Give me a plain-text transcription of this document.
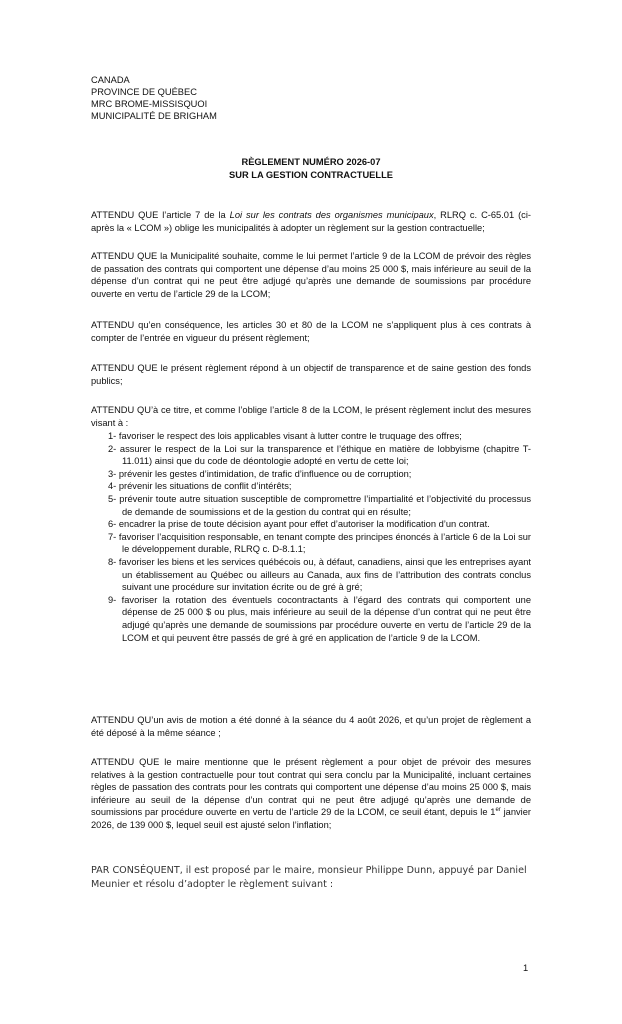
CANADA

PROVINCE DE QUÉBEC

MRC BROME-MISSISQUOI

MUNICIPALITÉ DE BRIGHAM

RÈGLEMENT NUMÉRO 2026-07

SUR LA GESTION CONTRACTUELLE

ATTENDU QUE l’article 7 de la Loi sur les contrats des organismes municipaux, RLRQ c. C-65.01 (ci-après la « LCOM ») oblige les municipalités à adopter un règlement sur la gestion contractuelle;

ATTENDU QUE la Municipalité souhaite, comme le lui permet l’article 9 de la LCOM de prévoir des règles de passation des contrats qui comportent une dépense d’au moins 25 000 $, mais inférieure au seuil de la dépense d’un contrat qui ne peut être adjugé qu’après une demande de soumissions par procédure ouverte en vertu de l’article 29 de la LCOM;

ATTENDU qu’en conséquence, les articles 30 et 80 de la LCOM ne s’appliquent plus à ces contrats à compter de l’entrée en vigueur du présent règlement;

ATTENDU QUE le présent règlement répond à un objectif de transparence et de saine gestion des fonds publics;

ATTENDU QU’à ce titre, et comme l’oblige l’article 8 de la LCOM, le présent règlement inclut des mesures visant à :

1- favoriser le respect des lois applicables visant à lutter contre le truquage des offres;
2- assurer le respect de la Loi sur la transparence et l’éthique en matière de lobbyisme (chapitre T-11.011) ainsi que du code de déontologie adopté en vertu de cette loi;
3- prévenir les gestes d’intimidation, de trafic d’influence ou de corruption;
4- prévenir les situations de conflit d’intérêts;
5- prévenir toute autre situation susceptible de compromettre l’impartialité et l’objectivité du processus de demande de soumissions et de la gestion du contrat qui en résulte;
6- encadrer la prise de toute décision ayant pour effet d’autoriser la modification d’un contrat.
7- favoriser l’acquisition responsable, en tenant compte des principes énoncés à l’article 6 de la Loi sur le développement durable, RLRQ c. D-8.1.1;
8- favoriser les biens et les services québécois ou, à défaut, canadiens, ainsi que les entreprises ayant un établissement au Québec ou ailleurs au Canada, aux fins de l’attribution des contrats conclus suivant une procédure sur invitation écrite ou de gré à gré;
9- favoriser la rotation des éventuels cocontractants à l’égard des contrats qui comportent une dépense de 25 000 $ ou plus, mais inférieure au seuil de la dépense d’un contrat qui ne peut être adjugé qu’après une demande de soumissions par procédure ouverte en vertu de l’article 29 de la LCOM et qui peuvent être passés de gré à gré en application de l’article 9 de la LCOM.

ATTENDU QU’un avis de motion a été donné à la séance du 4 août 2026, et qu’un projet de règlement a été déposé à la même séance ;

ATTENDU QUE le maire mentionne que le présent règlement a pour objet de prévoir des mesures relatives à la gestion contractuelle pour tout contrat qui sera conclu par la Municipalité, incluant certaines règles de passation des contrats pour les contrats qui comportent une dépense d’au moins 25 000 $, mais inférieure au seuil de la dépense d’un contrat qui ne peut être adjugé qu’après une demande de soumissions par procédure ouverte en vertu de l’article 29 de la LCOM, ce seuil étant, depuis le 1er janvier 2026, de 139 000 $, lequel seuil est ajusté selon l’inflation;

PAR CONSÉQUENT, il est proposé par le maire, monsieur Philippe Dunn, appuyé par Daniel Meunier et résolu d’adopter le règlement suivant :

1
